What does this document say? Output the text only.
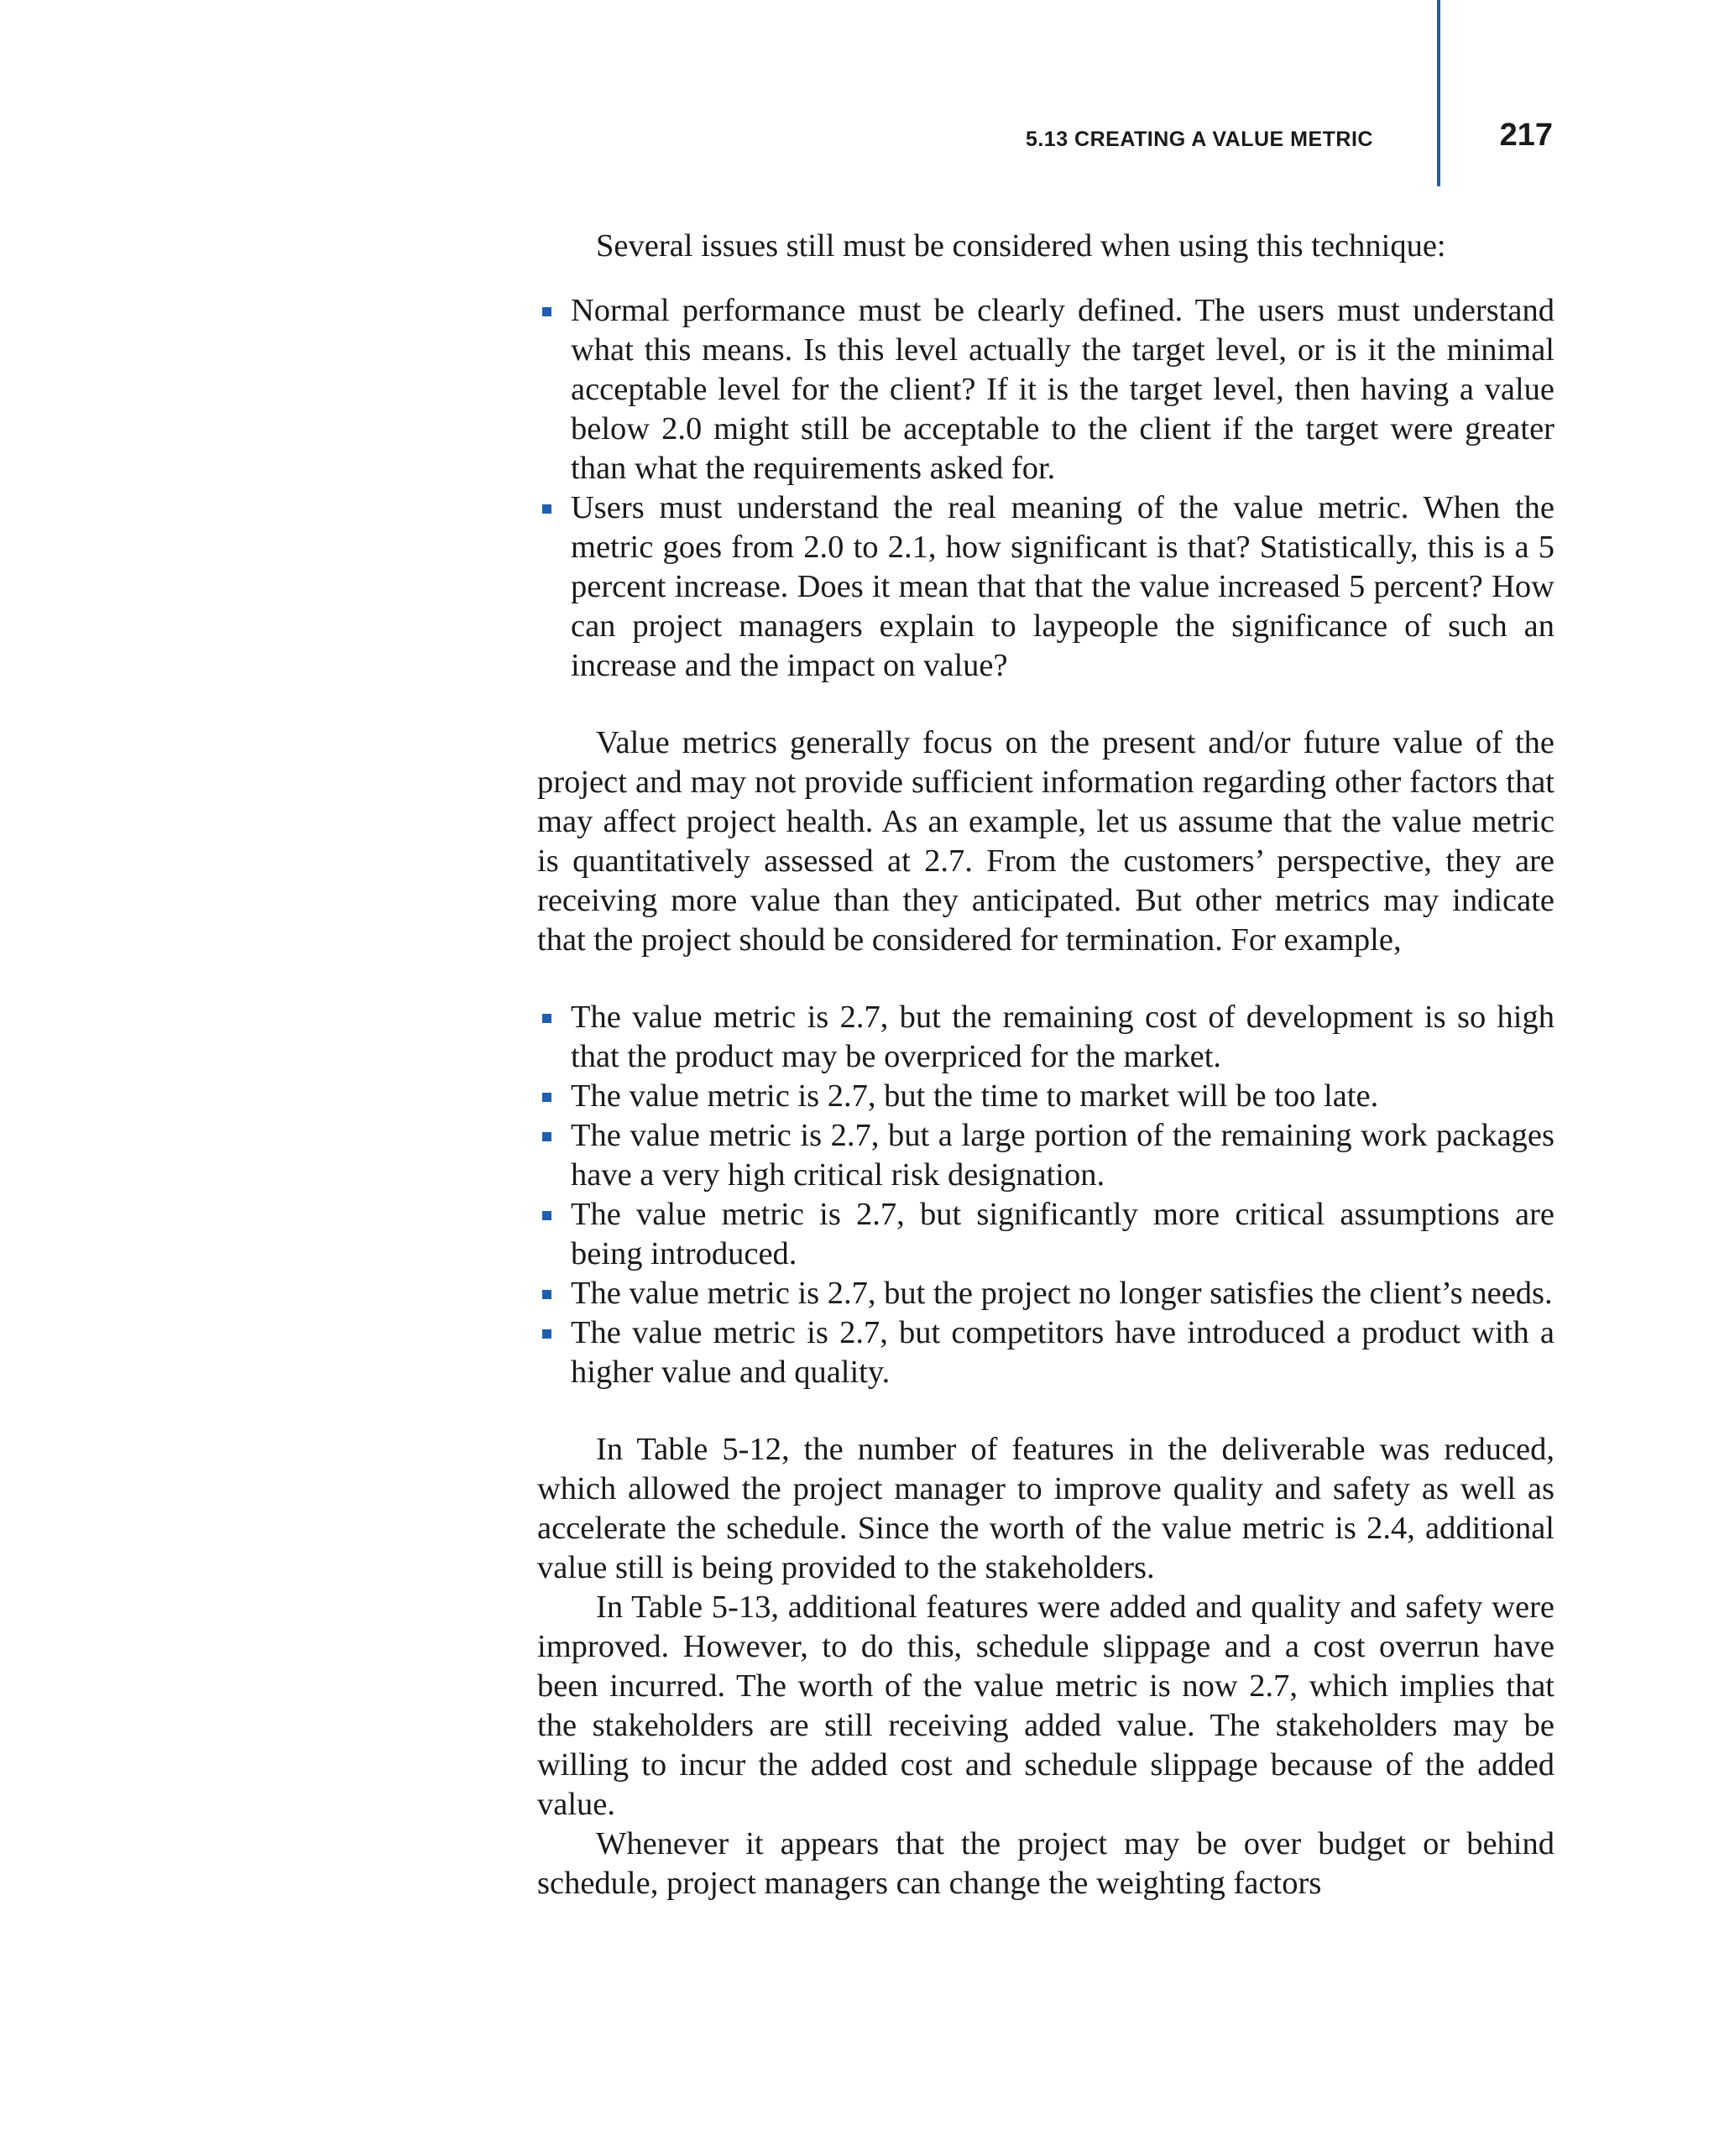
5.13 CREATING A VALUE METRIC	217

Several issues still must be considered when using this technique:

Normal performance must be clearly defined. The users must understand what this means. Is this level actually the target level, or is it the minimal acceptable level for the client? If it is the target level, then having a value below 2.0 might still be acceptable to the client if the target were greater than what the requirements asked for.
Users must understand the real meaning of the value metric. When the metric goes from 2.0 to 2.1, how significant is that? Statistically, this is a 5 percent increase. Does it mean that that the value increased 5 percent? How can project managers explain to laypeople the significance of such an increase and the impact on value?

Value metrics generally focus on the present and/or future value of the project and may not provide sufficient information regarding other factors that may affect project health. As an example, let us assume that the value metric is quantitatively assessed at 2.7. From the customers’ perspective, they are receiving more value than they anticipated. But other metrics may indicate that the project should be considered for termination. For example,

The value metric is 2.7, but the remaining cost of development is so high that the product may be overpriced for the market.
The value metric is 2.7, but the time to market will be too late.
The value metric is 2.7, but a large portion of the remaining work packages have a very high critical risk designation.
The value metric is 2.7, but significantly more critical assumptions are being introduced.
The value metric is 2.7, but the project no longer satisfies the client’s needs.
The value metric is 2.7, but competitors have introduced a product with a higher value and quality.

In Table 5-12, the number of features in the deliverable was reduced, which allowed the project manager to improve quality and safety as well as accelerate the schedule. Since the worth of the value metric is 2.4, additional value still is being provided to the stakeholders.

In Table 5-13, additional features were added and quality and safety were improved. However, to do this, schedule slippage and a cost overrun have been incurred. The worth of the value metric is now 2.7, which implies that the stakeholders are still receiving added value. The stakeholders may be willing to incur the added cost and schedule slippage because of the added value.

Whenever it appears that the project may be over budget or behind schedule, project managers can change the weighting factors
